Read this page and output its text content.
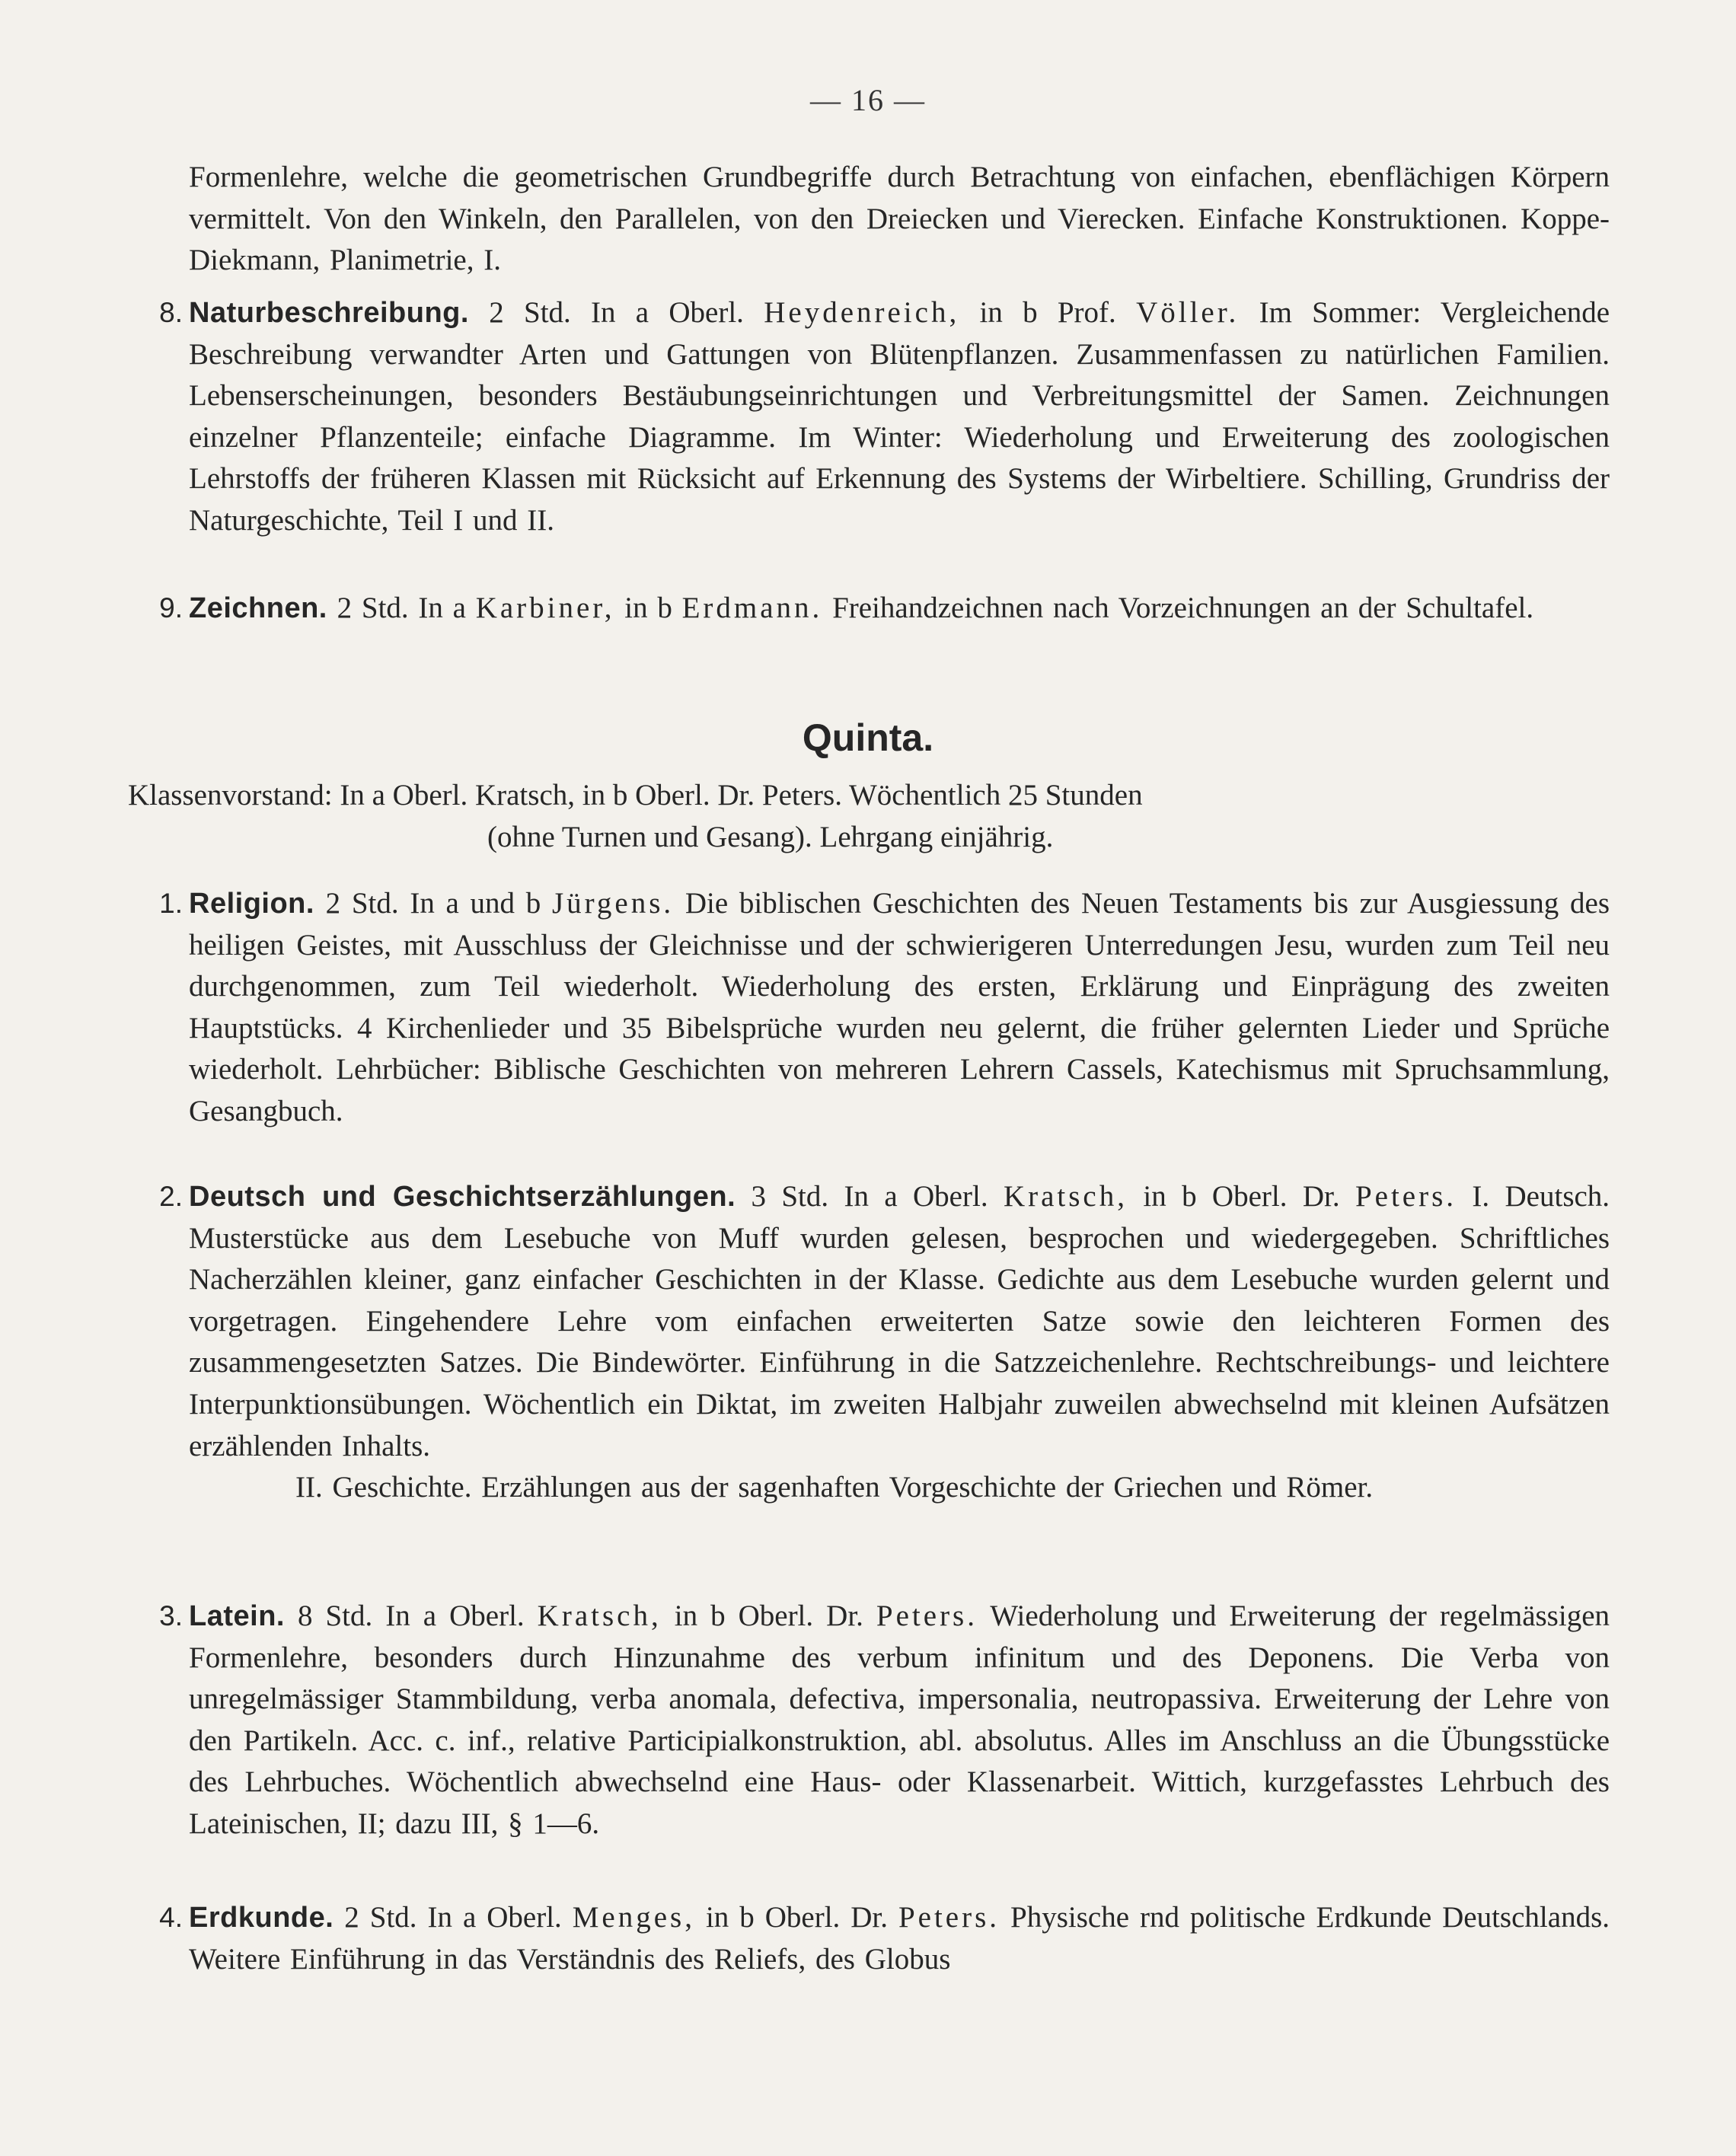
— 16 —
Formenlehre, welche die geometrischen Grundbegriffe durch Betrachtung von einfachen, ebenflächigen Körpern vermittelt. Von den Winkeln, den Parallelen, von den Dreiecken und Vierecken. Einfache Konstruktionen. Koppe-Diekmann, Planimetrie, I.
8. Naturbeschreibung. 2 Std. In a Oberl. Heydenreich, in b Prof. Völler. Im Sommer: Vergleichende Beschreibung verwandter Arten und Gattungen von Blütenpflanzen. Zusammenfassen zu natürlichen Familien. Lebenserscheinungen, besonders Bestäubungseinrichtungen und Verbreitungsmittel der Samen. Zeichnungen einzelner Pflanzenteile; einfache Diagramme. Im Winter: Wiederholung und Erweiterung des zoologischen Lehrstoffs der früheren Klassen mit Rücksicht auf Erkennung des Systems der Wirbeltiere. Schilling, Grundriss der Naturgeschichte, Teil I und II.
9. Zeichnen. 2 Std. In a Karbiner, in b Erdmann. Freihandzeichnen nach Vorzeichnungen an der Schultafel.
Quinta.
Klassenvorstand: In a Oberl. Kratsch, in b Oberl. Dr. Peters. Wöchentlich 25 Stunden
(ohne Turnen und Gesang). Lehrgang einjährig.
1. Religion. 2 Std. In a und b Jürgens. Die biblischen Geschichten des Neuen Testaments bis zur Ausgiessung des heiligen Geistes, mit Ausschluss der Gleichnisse und der schwierigeren Unterredungen Jesu, wurden zum Teil neu durchgenommen, zum Teil wiederholt. Wiederholung des ersten, Erklärung und Einprägung des zweiten Hauptstücks. 4 Kirchenlieder und 35 Bibelsprüche wurden neu gelernt, die früher gelernten Lieder und Sprüche wiederholt. Lehrbücher: Biblische Geschichten von mehreren Lehrern Cassels, Katechismus mit Spruchsammlung, Gesangbuch.
2. Deutsch und Geschichtserzählungen. 3 Std. In a Oberl. Kratsch, in b Oberl. Dr. Peters. I. Deutsch. Musterstücke aus dem Lesebuche von Muff wurden gelesen, besprochen und wiedergegeben. Schriftliches Nacherzählen kleiner, ganz einfacher Geschichten in der Klasse. Gedichte aus dem Lesebuche wurden gelernt und vorgetragen. Eingehendere Lehre vom einfachen erweiterten Satze sowie den leichteren Formen des zusammengesetzten Satzes. Die Bindewörter. Einführung in die Satzzeichenlehre. Rechtschreibungs- und leichtere Interpunktionsübungen. Wöchentlich ein Diktat, im zweiten Halbjahr zuweilen abwechselnd mit kleinen Aufsätzen erzählenden Inhalts.
II. Geschichte. Erzählungen aus der sagenhaften Vorgeschichte der Griechen und Römer.
3. Latein. 8 Std. In a Oberl. Kratsch, in b Oberl. Dr. Peters. Wiederholung und Erweiterung der regelmässigen Formenlehre, besonders durch Hinzunahme des verbum infinitum und des Deponens. Die Verba von unregelmässiger Stammbildung, verba anomala, defectiva, impersonalia, neutropassiva. Erweiterung der Lehre von den Partikeln. Acc. c. inf., relative Participialkonstruktion, abl. absolutus. Alles im Anschluss an die Übungsstücke des Lehrbuches. Wöchentlich abwechselnd eine Haus- oder Klassenarbeit. Wittich, kurzgefasstes Lehrbuch des Lateinischen, II; dazu III, § 1—6.
4. Erdkunde. 2 Std. In a Oberl. Menges, in b Oberl. Dr. Peters. Physische rnd politische Erdkunde Deutschlands. Weitere Einführung in das Verständnis des Reliefs, des Globus
